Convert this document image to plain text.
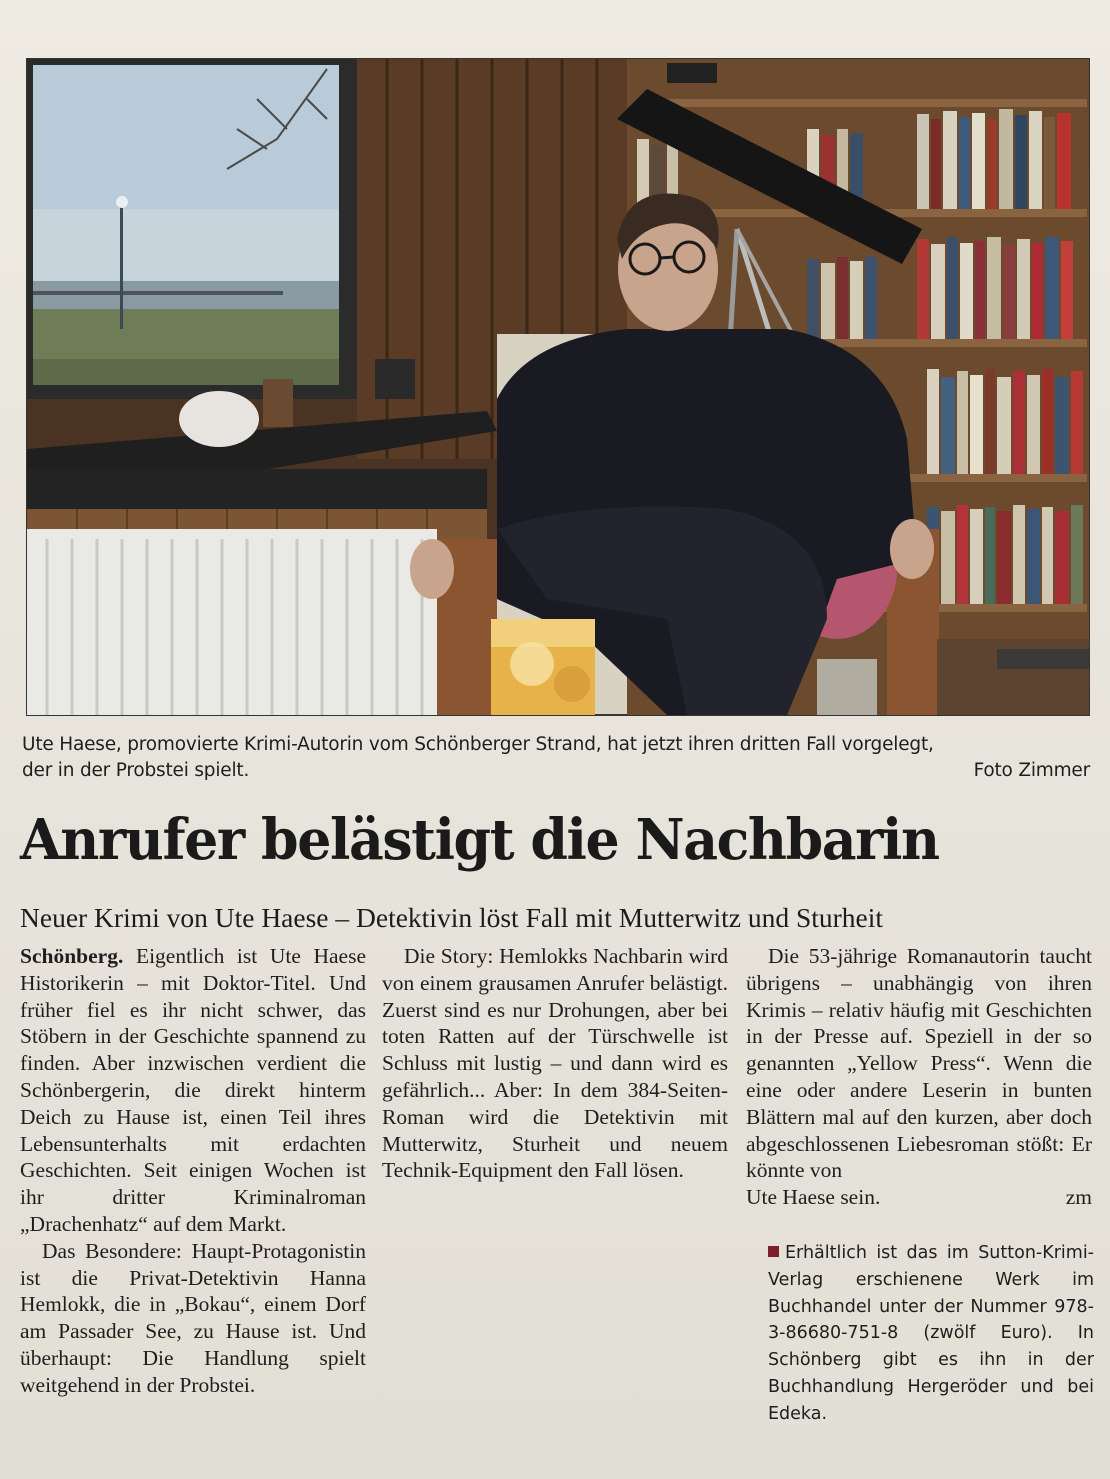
Ute Haese, promovierte Krimi-Autorin vom Schönberger Strand, hat jetzt ihren dritten Fall vorgelegt,
der in der Probstei spielt.	Foto Zimmer
Anrufer belästigt die Nachbarin
Neuer Krimi von Ute Haese – Detektivin löst Fall mit Mutterwitz und Sturheit

Schönberg. Eigentlich ist Ute Haese Historikerin – mit Doktor-Titel. Und früher fiel es ihr nicht schwer, das Stöbern in der Geschichte spannend zu finden. Aber inzwischen verdient die Schönbergerin, die direkt hinterm Deich zu Hause ist, einen Teil ihres Lebensunterhalts mit erdachten Geschichten. Seit einigen Wochen ist ihr dritter Kriminalroman „Drachenhatz“ auf dem Markt.

Das Besondere: Haupt-Protagonistin ist die Privat-Detektivin Hanna Hemlokk, die in „Bokau“, einem Dorf am Passader See, zu Hause ist. Und überhaupt: Die Handlung spielt weitgehend in der Probstei.

Die Story: Hemlokks Nachbarin wird von einem grausamen Anrufer belästigt. Zuerst sind es nur Drohungen, aber bei toten Ratten auf der Türschwelle ist Schluss mit lustig – und dann wird es gefährlich... Aber: In dem 384-Seiten-Roman wird die Detektivin mit Mutterwitz, Sturheit und neuem Technik-Equipment den Fall lösen.

Die 53-jährige Romanautorin taucht übrigens – unabhängig von ihren Krimis – relativ häufig mit Geschichten in der Presse auf. Speziell in der so genannten „Yellow Press“. Wenn die eine oder andere Leserin in bunten Blättern mal auf den kurzen, aber doch abgeschlossenen Liebesroman stößt: Er könnte von

Ute Haese sein.	zm

Erhältlich ist das im Sutton-Krimi-Verlag erschienene Werk im Buchhandel unter der Nummer 978-3-86680-751-8 (zwölf Euro). In Schönberg gibt es ihn in der Buchhandlung Hergeröder und bei Edeka.
